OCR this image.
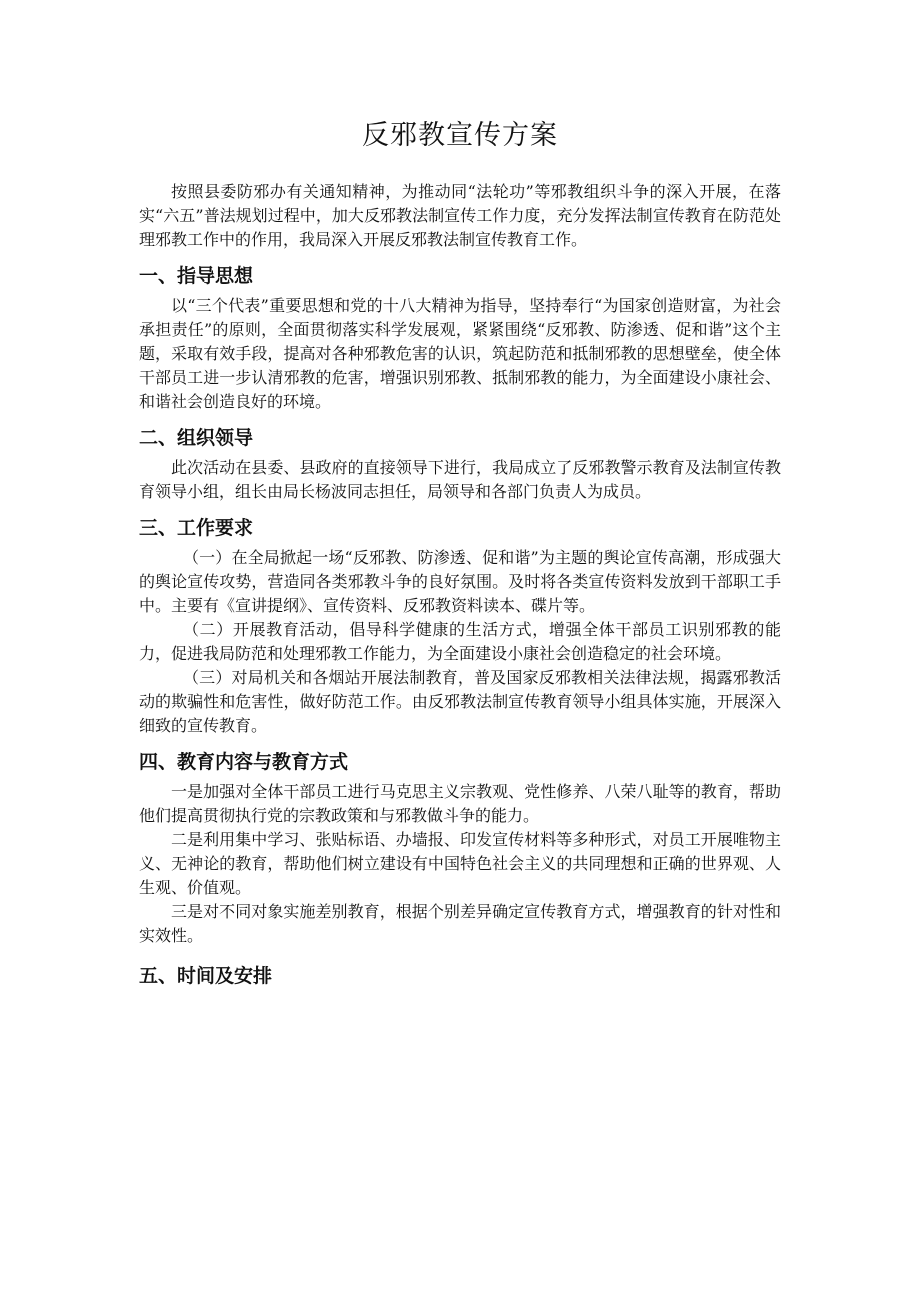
反邪教宣传方案

按照县委防邪办有关通知精神，为推动同“法轮功”等邪教组织斗争的深入开展，在落实“六五”普法规划过程中，加大反邪教法制宣传工作力度，充分发挥法制宣传教育在防范处理邪教工作中的作用，我局深入开展反邪教法制宣传教育工作。

一、指导思想

以“三个代表”重要思想和党的十八大精神为指导，坚持奉行“为国家创造财富，为社会承担责任”的原则，全面贯彻落实科学发展观，紧紧围绕“反邪教、防渗透、促和谐”这个主题，采取有效手段，提高对各种邪教危害的认识，筑起防范和抵制邪教的思想壁垒，使全体干部员工进一步认清邪教的危害，增强识别邪教、抵制邪教的能力，为全面建设小康社会、和谐社会创造良好的环境。

二、组织领导

此次活动在县委、县政府的直接领导下进行，我局成立了反邪教警示教育及法制宣传教育领导小组，组长由局长杨波同志担任，局领导和各部门负责人为成员。

三、工作要求

（一）在全局掀起一场“反邪教、防渗透、促和谐”为主题的舆论宣传高潮，形成强大的舆论宣传攻势，营造同各类邪教斗争的良好氛围。及时将各类宣传资料发放到干部职工手中。主要有《宣讲提纲》、宣传资料、反邪教资料读本、碟片等。

（二）开展教育活动，倡导科学健康的生活方式，增强全体干部员工识别邪教的能力，促进我局防范和处理邪教工作能力，为全面建设小康社会创造稳定的社会环境。

（三）对局机关和各烟站开展法制教育，普及国家反邪教相关法律法规，揭露邪教活动的欺骗性和危害性，做好防范工作。由反邪教法制宣传教育领导小组具体实施，开展深入细致的宣传教育。

四、教育内容与教育方式

一是加强对全体干部员工进行马克思主义宗教观、党性修养、八荣八耻等的教育，帮助他们提高贯彻执行党的宗教政策和与邪教做斗争的能力。

二是利用集中学习、张贴标语、办墙报、印发宣传材料等多种形式，对员工开展唯物主义、无神论的教育，帮助他们树立建设有中国特色社会主义的共同理想和正确的世界观、人生观、价值观。

三是对不同对象实施差别教育，根据个别差异确定宣传教育方式，增强教育的针对性和实效性。

五、时间及安排
